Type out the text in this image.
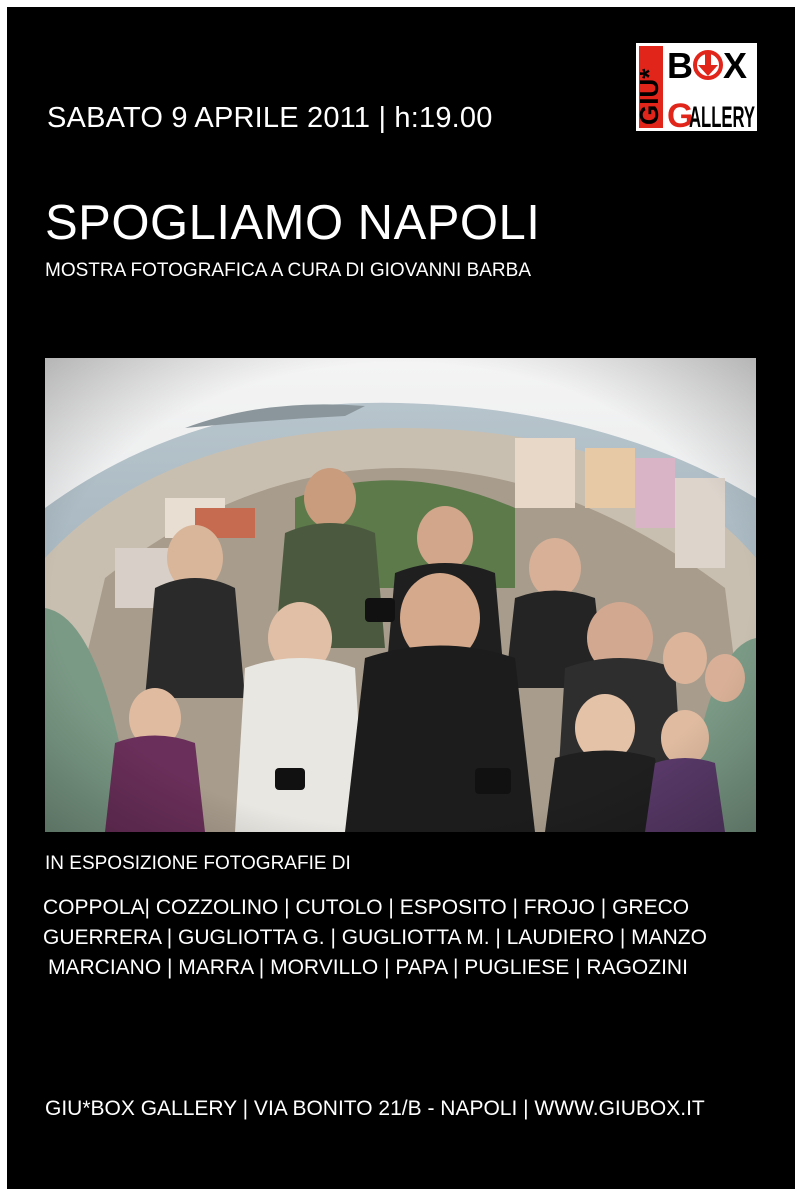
GIU*
B X
G
ALLERY
SABATO 9 APRILE 2011 | h:19.00
SPOGLIAMO NAPOLI
MOSTRA FOTOGRAFICA A CURA DI GIOVANNI BARBA
IN ESPOSIZIONE FOTOGRAFIE DI
COPPOLA| COZZOLINO | CUTOLO | ESPOSITO | FROJO | GRECO
GUERRERA | GUGLIOTTA G. | GUGLIOTTA M. | LAUDIERO | MANZO
MARCIANO | MARRA | MORVILLO | PAPA | PUGLIESE | RAGOZINI
GIU*BOX GALLERY | VIA BONITO 21/B - NAPOLI | WWW.GIUBOX.IT
